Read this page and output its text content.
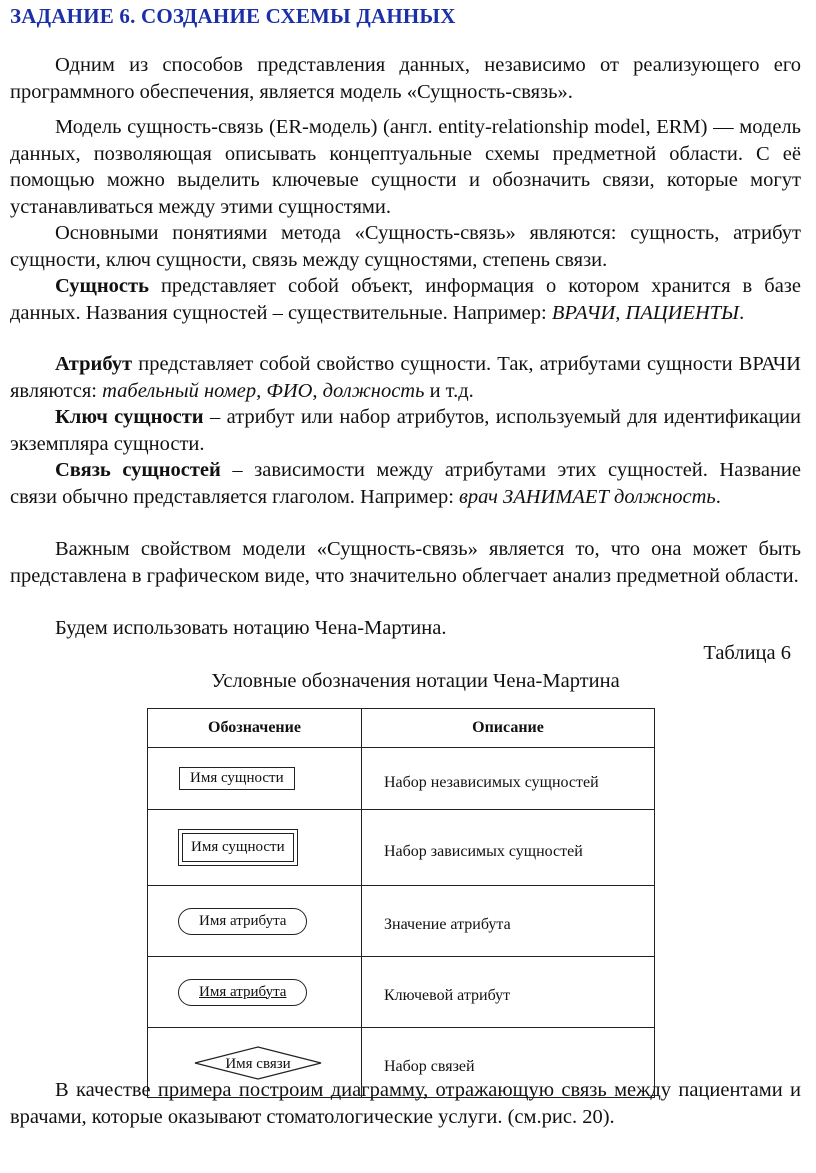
ЗАДАНИЕ 6. СОЗДАНИЕ СХЕМЫ ДАННЫХ

Одним из способов представления данных, независимо от реализующего его программного обеспечения, является модель «Сущность-связь».

Модель сущность-связь (ER-модель) (англ. entity-relationship model, ERM) — модель данных, позволяющая описывать концептуальные схемы предметной области. С её помощью можно выделить ключевые сущности и обозначить связи, которые могут устанавливаться между этими сущностями.

Основными понятиями метода «Сущность-связь» являются: сущность, атрибут сущности, ключ сущности, связь между сущностями, степень связи.

Сущность представляет собой объект, информация о котором хранится в базе данных. Названия сущностей – существительные. Например: ВРАЧИ, ПАЦИЕНТЫ.

Атрибут представляет собой свойство сущности. Так, атрибутами сущности ВРАЧИ являются: табельный номер, ФИО, должность и т.д.

Ключ сущности – атрибут или набор атрибутов, используемый для идентификации экземпляра сущности.

Связь сущностей – зависимости между атрибутами этих сущностей. Название связи обычно представляется глаголом. Например: врач ЗАНИМАЕТ должность.

Важным свойством модели «Сущность-связь» является то, что она может быть представлена в графическом виде, что значительно облегчает анализ предметной области.

Будем использовать нотацию Чена-Мартина.

Таблица 6
Условные обозначения нотации Чена-Мартина
Обозначение	Описание
Имя сущности	Набор независимых сущностей
Имя сущности	Набор зависимых сущностей
Имя атрибута	Значение атрибута
Имя атрибута	Ключевой атрибут

Имя связи	Набор связей

В качестве примера построим диаграмму, отражающую связь между пациентами и врачами, которые оказывают стоматологические услуги. (см.рис. 20).
